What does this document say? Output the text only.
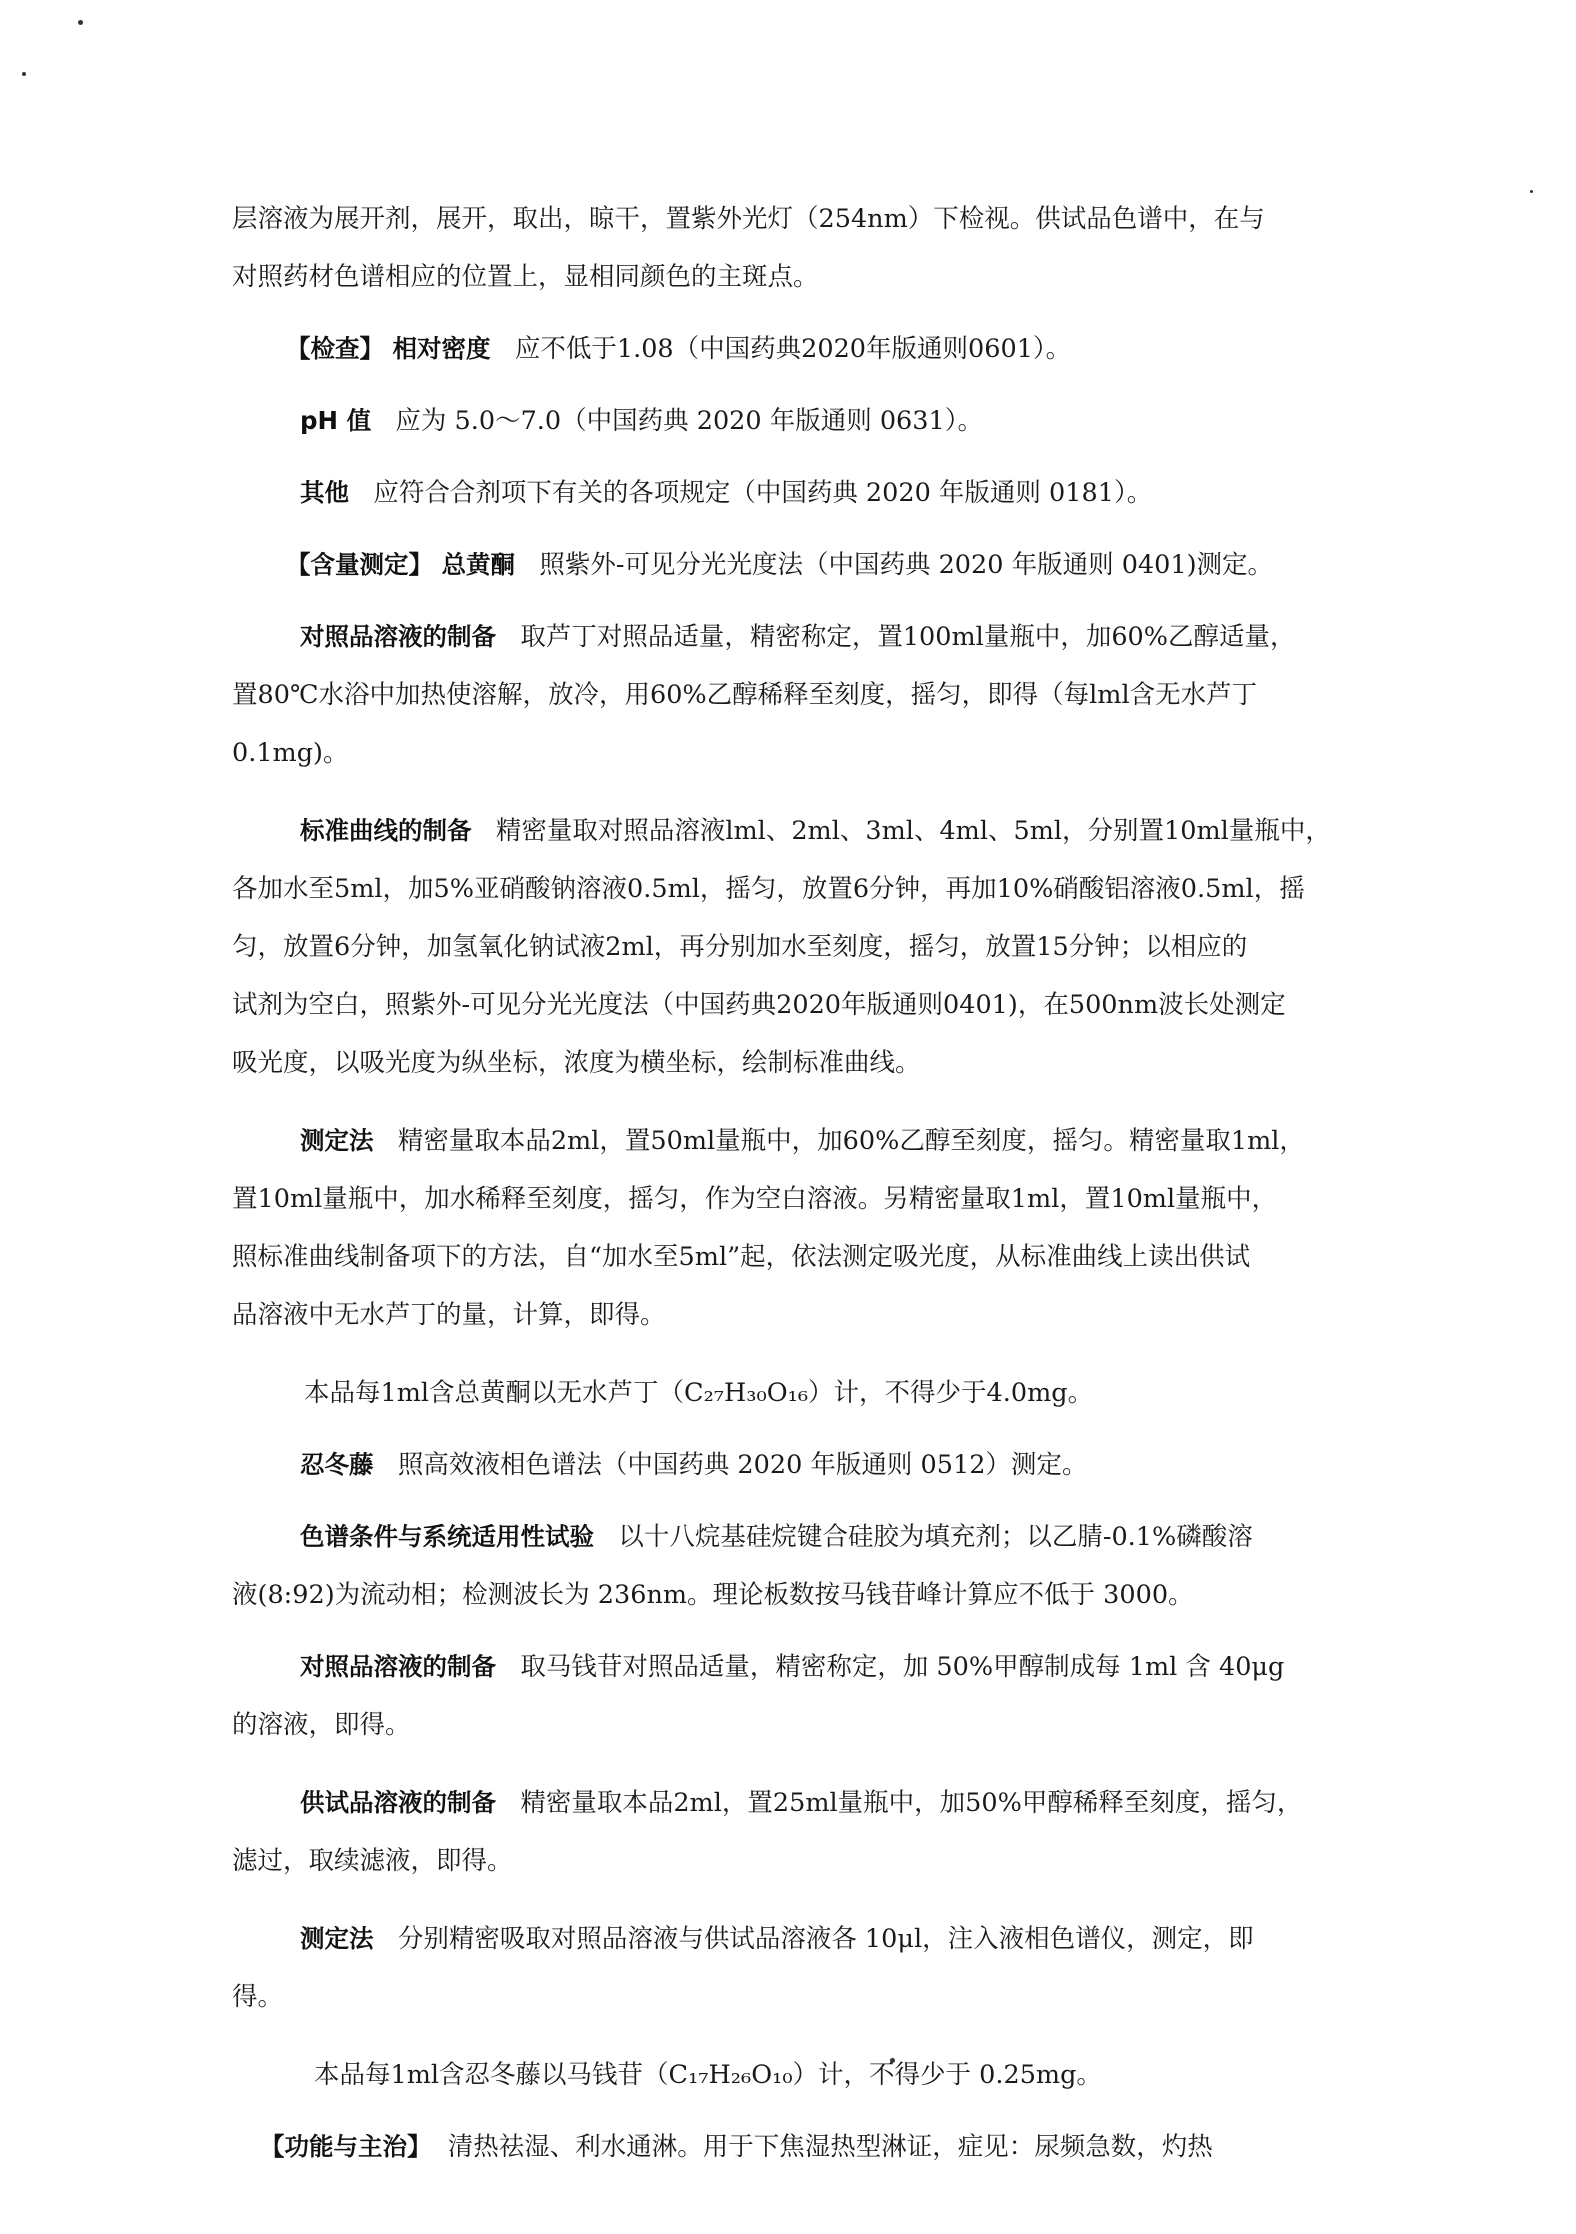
层溶液为展开剂，展开，取出，晾干，置紫外光灯（254nm）下检视。供试品色谱中，在与

对照药材色谱相应的位置上，显相同颜色的主斑点。

【检查】 相对密度 应不低于1.08（中国药典2020年版通则0601）。

pH 值 应为 5.0～7.0（中国药典 2020 年版通则 0631）。

其他 应符合合剂项下有关的各项规定（中国药典 2020 年版通则 0181）。

【含量测定】 总黄酮 照紫外-可见分光光度法（中国药典 2020 年版通则 0401)测定。

对照品溶液的制备 取芦丁对照品适量，精密称定，置100ml量瓶中，加60%乙醇适量，

置80℃水浴中加热使溶解，放冷，用60%乙醇稀释至刻度，摇匀，即得（每lml含无水芦丁

0.1mg)。

标准曲线的制备 精密量取对照品溶液lml、2ml、3ml、4ml、5ml，分别置10ml量瓶中，

各加水至5ml，加5%亚硝酸钠溶液0.5ml，摇匀，放置6分钟，再加10%硝酸铝溶液0.5ml，摇

匀，放置6分钟，加氢氧化钠试液2ml，再分别加水至刻度，摇匀，放置15分钟；以相应的

试剂为空白，照紫外-可见分光光度法（中国药典2020年版通则0401)，在500nm波长处测定

吸光度，以吸光度为纵坐标，浓度为横坐标，绘制标准曲线。

测定法 精密量取本品2ml，置50ml量瓶中，加60%乙醇至刻度，摇匀。精密量取1ml，

置10ml量瓶中，加水稀释至刻度，摇匀，作为空白溶液。另精密量取1ml，置10ml量瓶中，

照标准曲线制备项下的方法，自“加水至5ml”起，依法测定吸光度，从标准曲线上读出供试

品溶液中无水芦丁的量，计算，即得。

本品每1ml含总黄酮以无水芦丁（C₂₇H₃₀O₁₆）计，不得少于4.0mg。

忍冬藤 照高效液相色谱法（中国药典 2020 年版通则 0512）测定。

色谱条件与系统适用性试验 以十八烷基硅烷键合硅胶为填充剂；以乙腈-0.1%磷酸溶

液(8:92)为流动相；检测波长为 236nm。理论板数按马钱苷峰计算应不低于 3000。

对照品溶液的制备 取马钱苷对照品适量，精密称定，加 50%甲醇制成每 1ml 含 40μg

的溶液，即得。

供试品溶液的制备 精密量取本品2ml，置25ml量瓶中，加50%甲醇稀释至刻度，摇匀，

滤过，取续滤液，即得。

测定法 分别精密吸取对照品溶液与供试品溶液各 10μl，注入液相色谱仪，测定，即

得。

本品每1ml含忍冬藤以马钱苷（C₁₇H₂₆O₁₀）计，不得少于 0.25mg。

【功能与主治】 清热祛湿、利水通淋。用于下焦湿热型淋证，症见：尿频急数，灼热
